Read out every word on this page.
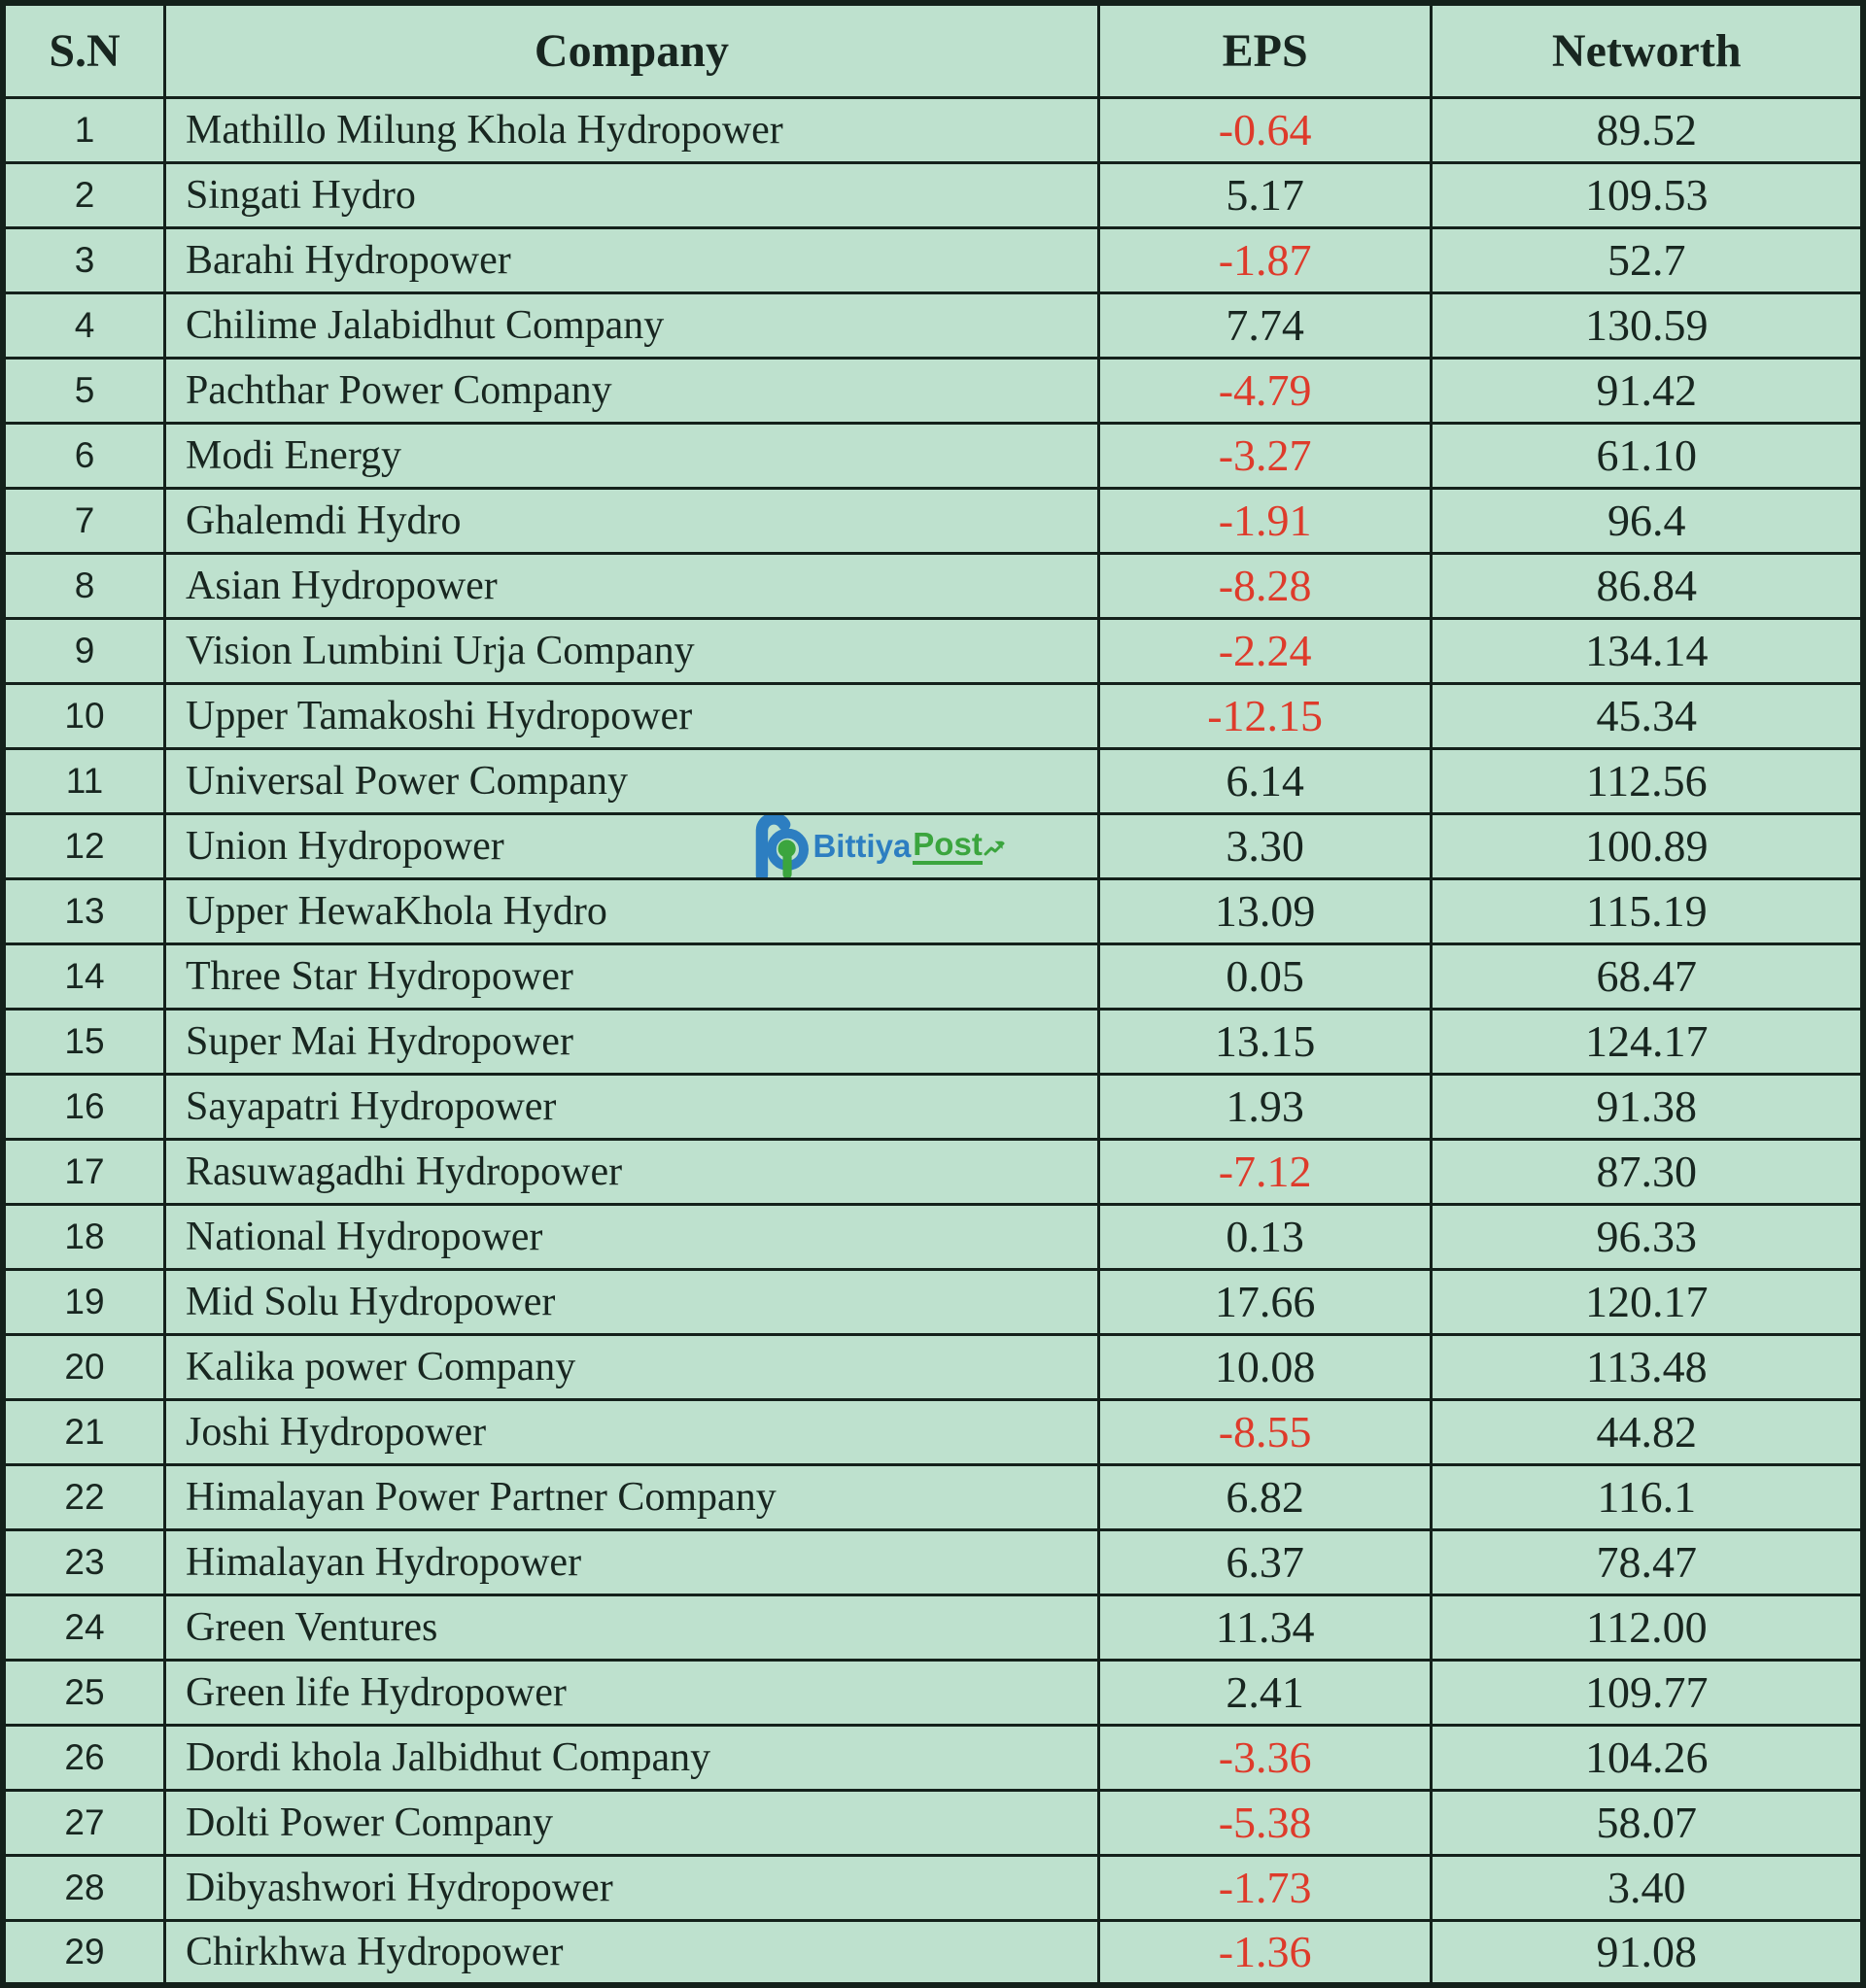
S.N	Company	EPS	Networth
1	Mathillo Milung Khola Hydropower	-0.64	89.52
2	Singati Hydro	5.17	109.53
3	Barahi Hydropower	-1.87	52.7
4	Chilime Jalabidhut Company	7.74	130.59
5	Pachthar Power Company	-4.79	91.42
6	Modi Energy	-3.27	61.10
7	Ghalemdi Hydro	-1.91	96.4
8	Asian Hydropower	-8.28	86.84
9	Vision Lumbini Urja Company	-2.24	134.14
10	Upper Tamakoshi Hydropower	-12.15	45.34
11	Universal Power Company	6.14	112.56
12	Union Hydropower Bittiya Post	3.30	100.89
13	Upper HewaKhola Hydro	13.09	115.19
14	Three Star Hydropower	0.05	68.47
15	Super Mai Hydropower	13.15	124.17
16	Sayapatri Hydropower	1.93	91.38
17	Rasuwagadhi Hydropower	-7.12	87.30
18	National Hydropower	0.13	96.33
19	Mid Solu Hydropower	17.66	120.17
20	Kalika power Company	10.08	113.48
21	Joshi Hydropower	-8.55	44.82
22	Himalayan Power Partner Company	6.82	116.1
23	Himalayan Hydropower	6.37	78.47
24	Green Ventures	11.34	112.00
25	Green life Hydropower	2.41	109.77
26	Dordi khola Jalbidhut Company	-3.36	104.26
27	Dolti Power Company	-5.38	58.07
28	Dibyashwori Hydropower	-1.73	3.40
29	Chirkhwa Hydropower	-1.36	91.08
